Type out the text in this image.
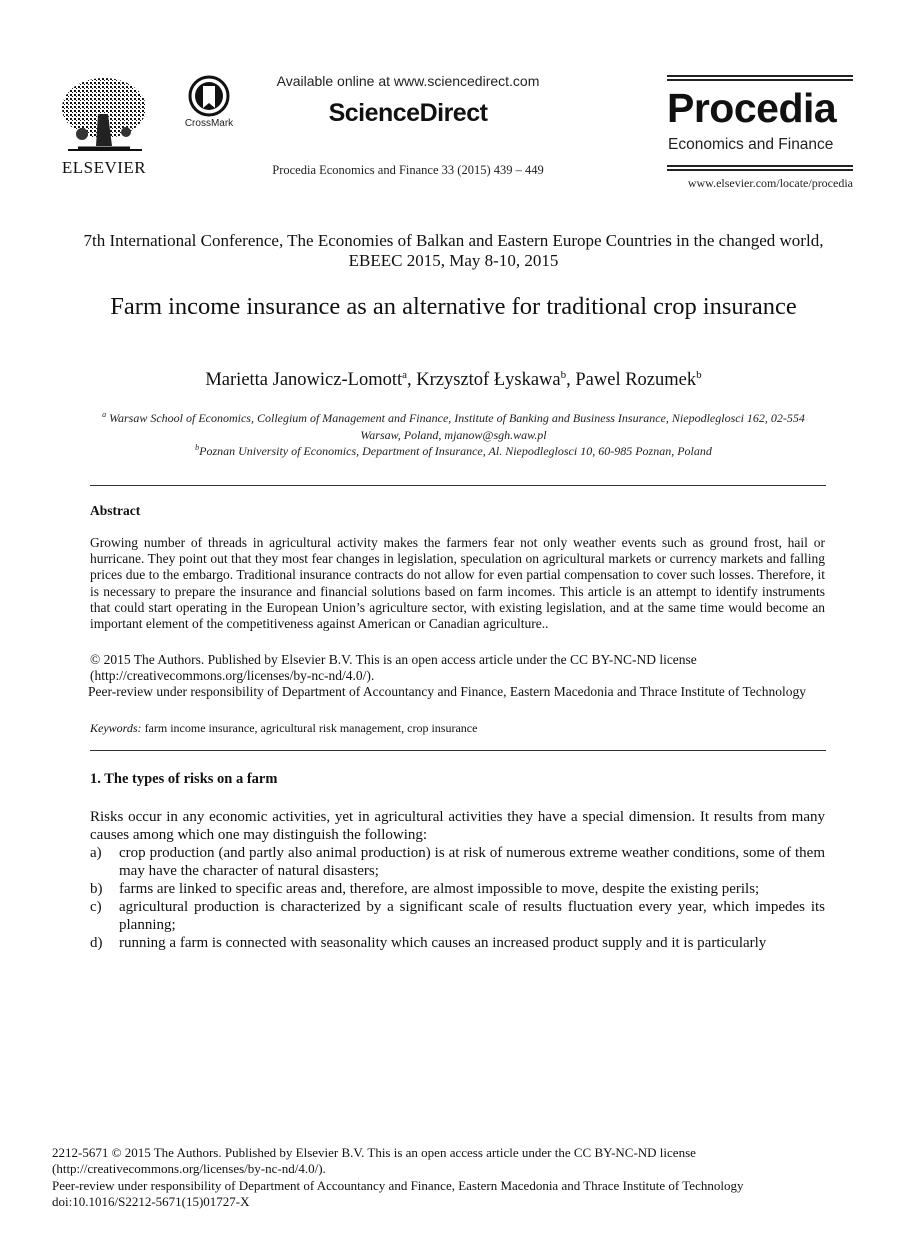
ELSEVIER
CrossMark
Available online at www.sciencedirect.com
ScienceDirect
Procedia Economics and Finance 33 (2015) 439 – 449
Procedia
Economics and Finance
www.elsevier.com/locate/procedia
7th International Conference, The Economies of Balkan and Eastern Europe Countries in the changed world, EBEEC 2015, May 8-10, 2015
Farm income insurance as an alternative for traditional crop insurance
Marietta Janowicz-Lomott$^a$, Krzysztof Łyskawa$^b$, Pawel Rozumek$^b$
$^a$ Warsaw School of Economics, Collegium of Management and Finance, Institute of Banking and Business Insurance, Niepodleglosci 162, 02-554 Warsaw, Poland, mjanow@sgh.waw.pl
$^b$Poznan University of Economics, Department of Insurance, Al. Niepodleglosci 10, 60-985 Poznan, Poland
Abstract

Growing number of threads in agricultural activity makes the farmers fear not only weather events such as ground frost, hail or hurricane. They point out that they most fear changes in legislation, speculation on agricultural markets or currency markets and falling prices due to the embargo. Traditional insurance contracts do not allow for even partial compensation to cover such losses. Therefore, it is necessary to prepare the insurance and financial solutions based on farm incomes. This article is an attempt to identify instruments that could start operating in the European Union’s agriculture sector, with existing legislation, and at the same time would become an important element of the competitiveness against American or Canadian agriculture..

© 2015 The Authors. Published by Elsevier B.V. This is an open access article under the CC BY-NC-ND license
(http://creativecommons.org/licenses/by-nc-nd/4.0/).
Peer-review under responsibility of Department of Accountancy and Finance, Eastern Macedonia and Thrace Institute of Technology
Keywords: farm income insurance, agricultural risk management, crop insurance
1. The types of risks on a farm

Risks occur in any economic activities, yet in agricultural activities they have a special dimension. It results from many causes among which one may distinguish the following:

a)	crop production (and partly also animal production) is at risk of numerous extreme weather conditions, some of them may have the character of natural disasters;
b)	farms are linked to specific areas and, therefore, are almost impossible to move, despite the existing perils;
c)	agricultural production is characterized by a significant scale of results fluctuation every year, which impedes its planning;
d)	running a farm is connected with seasonality which causes an increased product supply and it is particularly
2212-5671 © 2015 The Authors. Published by Elsevier B.V. This is an open access article under the CC BY-NC-ND license
(http://creativecommons.org/licenses/by-nc-nd/4.0/).
Peer-review under responsibility of Department of Accountancy and Finance, Eastern Macedonia and Thrace Institute of Technology
doi:10.1016/S2212-5671(15)01727-X
